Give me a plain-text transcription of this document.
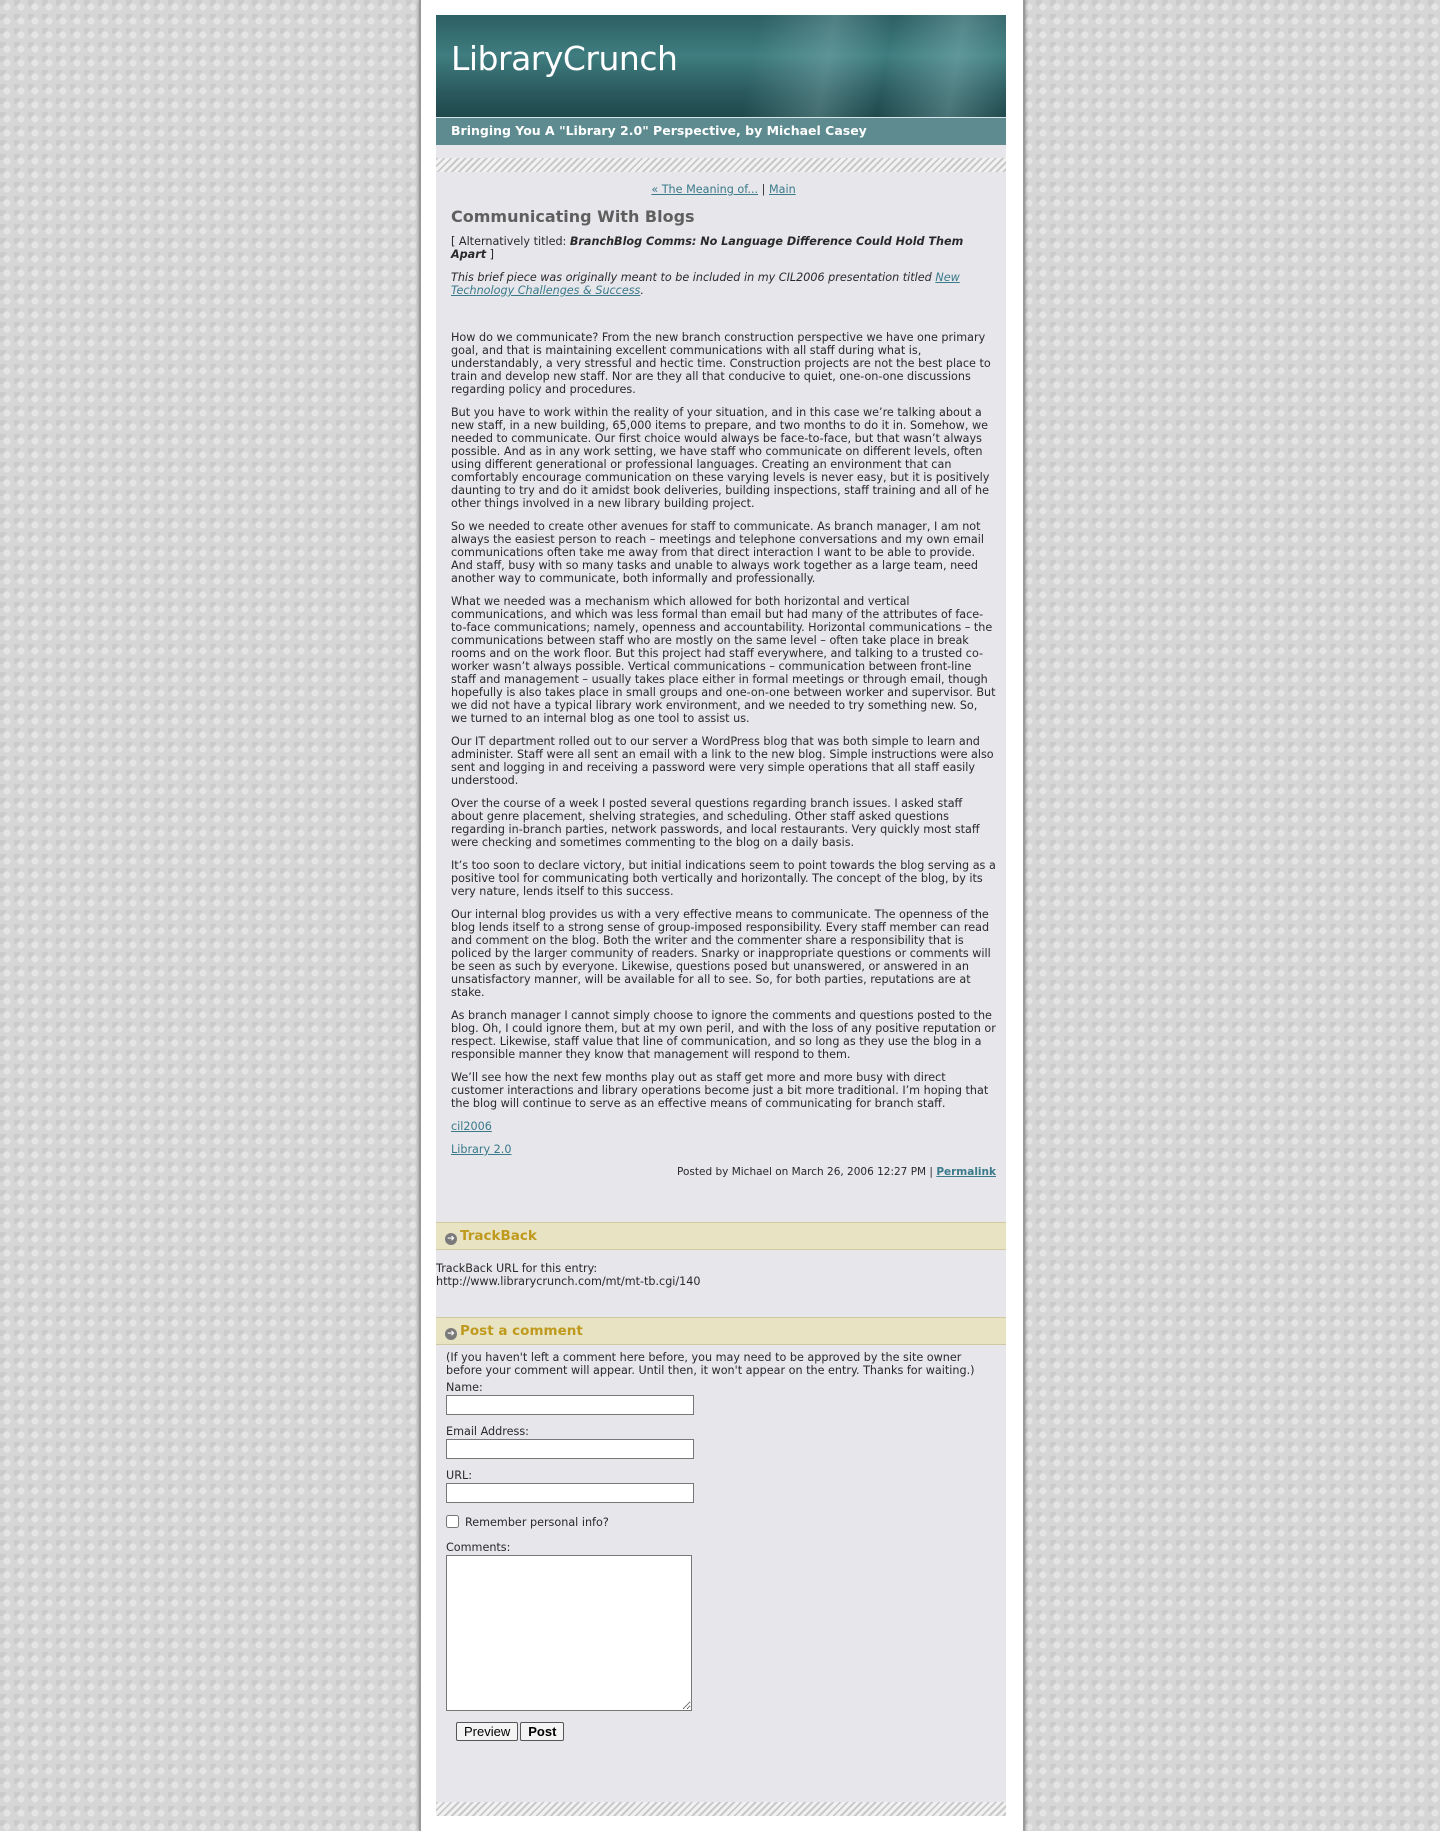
LibraryCrunch
Bringing You A "Library 2.0" Perspective, by Michael Casey
« The Meaning of... | Main
Communicating With Blogs

[ Alternatively titled: BranchBlog Comms: No Language Difference Could Hold Them Apart ]

This brief piece was originally meant to be included in my CIL2006 presentation titled New Technology Challenges & Success.

How do we communicate? From the new branch construction perspective we have one primary goal, and that is maintaining excellent communications with all staff during what is, understandably, a very stressful and hectic time. Construction projects are not the best place to train and develop new staff. Nor are they all that conducive to quiet, one-on-one discussions regarding policy and procedures.

But you have to work within the reality of your situation, and in this case we’re talking about a new staff, in a new building, 65,000 items to prepare, and two months to do it in. Somehow, we needed to communicate. Our first choice would always be face-to-face, but that wasn’t always possible. And as in any work setting, we have staff who communicate on different levels, often using different generational or professional languages. Creating an environment that can comfortably encourage communication on these varying levels is never easy, but it is positively daunting to try and do it amidst book deliveries, building inspections, staff training and all of he other things involved in a new library building project.

So we needed to create other avenues for staff to communicate. As branch manager, I am not always the easiest person to reach – meetings and telephone conversations and my own email communications often take me away from that direct interaction I want to be able to provide. And staff, busy with so many tasks and unable to always work together as a large team, need another way to communicate, both informally and professionally.

What we needed was a mechanism which allowed for both horizontal and vertical communications, and which was less formal than email but had many of the attributes of face-to-face communications; namely, openness and accountability. Horizontal communications – the communications between staff who are mostly on the same level – often take place in break rooms and on the work floor. But this project had staff everywhere, and talking to a trusted co-worker wasn’t always possible. Vertical communications – communication between front-line staff and management – usually takes place either in formal meetings or through email, though hopefully is also takes place in small groups and one-on-one between worker and supervisor. But we did not have a typical library work environment, and we needed to try something new. So, we turned to an internal blog as one tool to assist us.

Our IT department rolled out to our server a WordPress blog that was both simple to learn and administer. Staff were all sent an email with a link to the new blog. Simple instructions were also sent and logging in and receiving a password were very simple operations that all staff easily understood.

Over the course of a week I posted several questions regarding branch issues. I asked staff about genre placement, shelving strategies, and scheduling. Other staff asked questions regarding in-branch parties, network passwords, and local restaurants. Very quickly most staff were checking and sometimes commenting to the blog on a daily basis.

It’s too soon to declare victory, but initial indications seem to point towards the blog serving as a positive tool for communicating both vertically and horizontally. The concept of the blog, by its very nature, lends itself to this success.

Our internal blog provides us with a very effective means to communicate. The openness of the blog lends itself to a strong sense of group-imposed responsibility. Every staff member can read and comment on the blog. Both the writer and the commenter share a responsibility that is policed by the larger community of readers. Snarky or inappropriate questions or comments will be seen as such by everyone. Likewise, questions posed but unanswered, or answered in an unsatisfactory manner, will be available for all to see. So, for both parties, reputations are at stake.

As branch manager I cannot simply choose to ignore the comments and questions posted to the blog. Oh, I could ignore them, but at my own peril, and with the loss of any positive reputation or respect. Likewise, staff value that line of communication, and so long as they use the blog in a responsible manner they know that management will respond to them.

We’ll see how the next few months play out as staff get more and more busy with direct customer interactions and library operations become just a bit more traditional. I’m hoping that the blog will continue to serve as an effective means of communicating for branch staff.

cil2006

Library 2.0

Posted by Michael on March 26, 2006 12:27 PM | Permalink
➔ TrackBack
TrackBack URL for this entry:
http://www.librarycrunch.com/mt/mt-tb.cgi/140
➔ Post a comment
(If you haven't left a comment here before, you may need to be approved by the site owner before your comment will appear. Until then, it won't appear on the entry. Thanks for waiting.)
Name:
Email Address:
URL:
Remember personal info?
Comments:
Preview Post
